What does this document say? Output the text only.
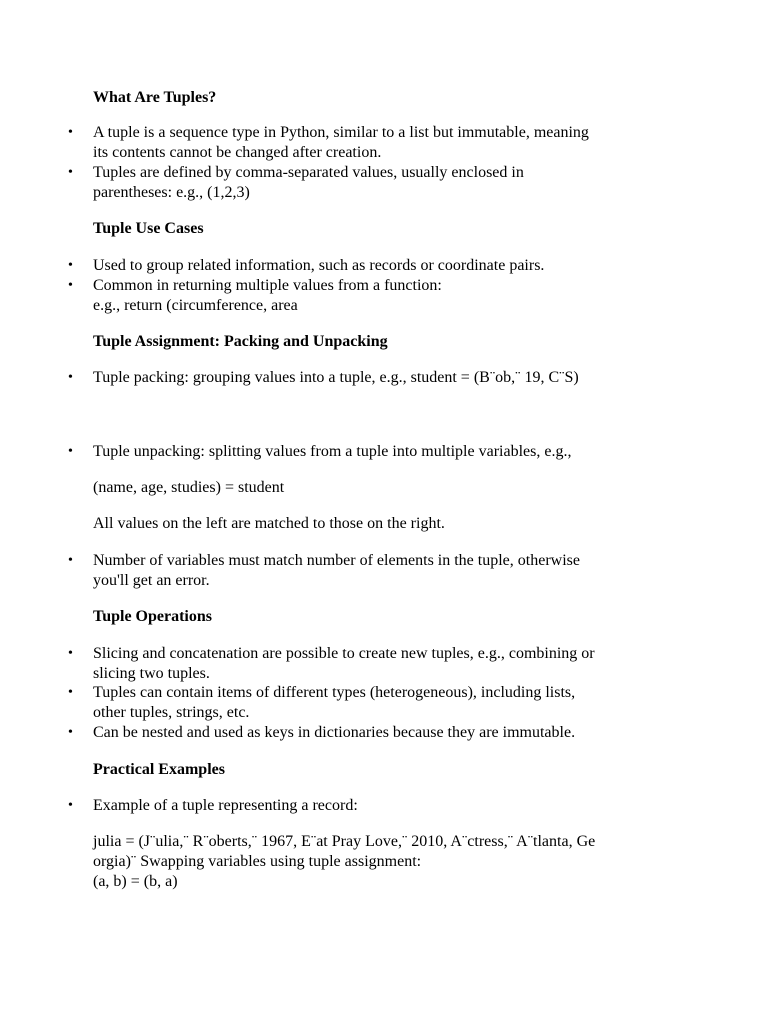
What Are Tuples?
• A tuple is a sequence type in Python, similar to a list but immutable, meaning
its contents cannot be changed after creation.
• Tuples are defined by comma-separated values, usually enclosed in
parentheses: e.g., (1,2,3)
Tuple Use Cases
• Used to group related information, such as records or coordinate pairs.
• Common in returning multiple values from a function:
e.g., return (circumference, area
Tuple Assignment: Packing and Unpacking
• Tuple packing: grouping values into a tuple, e.g., student = (B¨ob,¨ 19, C¨S)
• Tuple unpacking: splitting values from a tuple into multiple variables, e.g.,
(name, age, studies) = student
All values on the left are matched to those on the right.
• Number of variables must match number of elements in the tuple, otherwise
you'll get an error.
Tuple Operations
• Slicing and concatenation are possible to create new tuples, e.g., combining or
slicing two tuples.
• Tuples can contain items of different types (heterogeneous), including lists,
other tuples, strings, etc.
• Can be nested and used as keys in dictionaries because they are immutable.
Practical Examples
• Example of a tuple representing a record:
julia = (J¨ulia,¨ R¨oberts,¨ 1967, E¨at Pray Love,¨ 2010, A¨ctress,¨ A¨tlanta, Ge
orgia)¨ Swapping variables using tuple assignment:
(a, b) = (b, a)
